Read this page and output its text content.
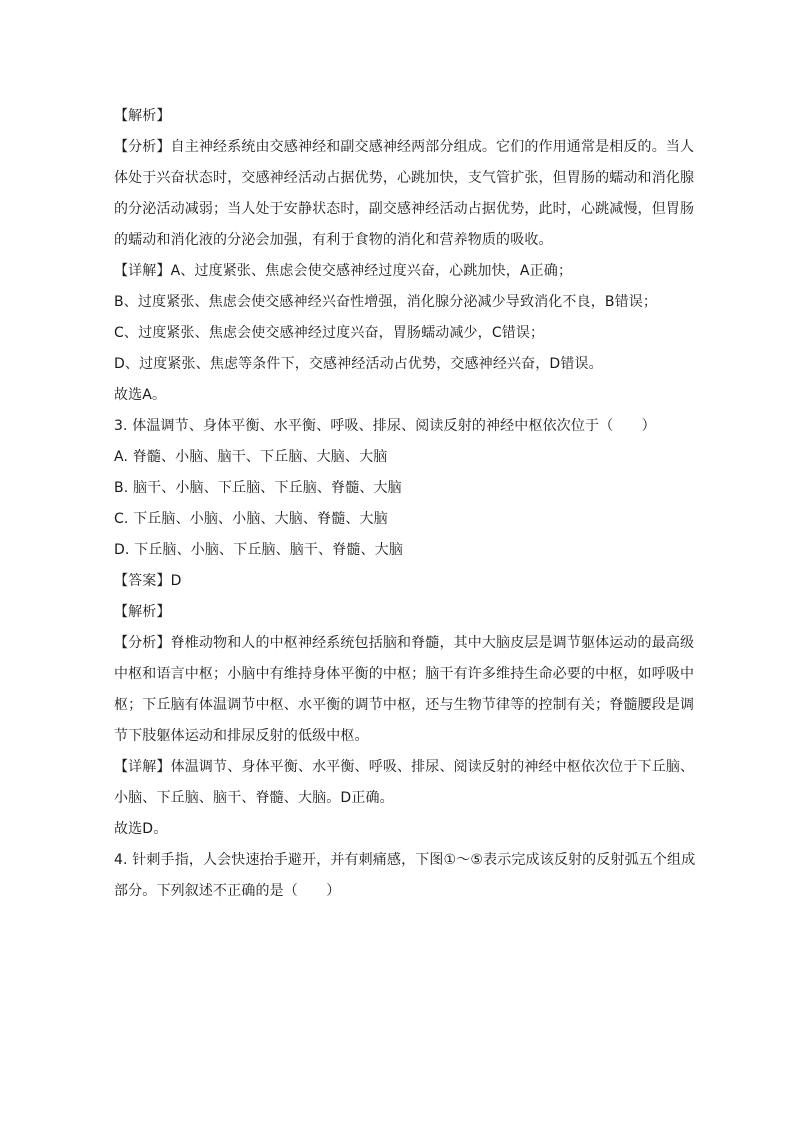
【解析】
【分析】自主神经系统由交感神经和副交感神经两部分组成。它们的作用通常是相反的。当人体处于兴奋状态时，交感神经活动占据优势，心跳加快，支气管扩张，但胃肠的蠕动和消化腺的分泌活动减弱；当人处于安静状态时，副交感神经活动占据优势，此时，心跳减慢，但胃肠的蠕动和消化液的分泌会加强，有利于食物的消化和营养物质的吸收。
【详解】A、过度紧张、焦虑会使交感神经过度兴奋，心跳加快，A正确；
B、过度紧张、焦虑会使交感神经兴奋性增强，消化腺分泌减少导致消化不良，B错误；
C、过度紧张、焦虑会使交感神经过度兴奋，胃肠蠕动减少，C错误；
D、过度紧张、焦虑等条件下，交感神经活动占优势，交感神经兴奋，D错误。
故选A。
3. 体温调节、身体平衡、水平衡、呼吸、排尿、阅读反射的神经中枢依次位于（　　）
A. 脊髓、小脑、脑干、下丘脑、大脑、大脑
B. 脑干、小脑、下丘脑、下丘脑、脊髓、大脑
C. 下丘脑、小脑、小脑、大脑、脊髓、大脑
D. 下丘脑、小脑、下丘脑、脑干、脊髓、大脑
【答案】D
【解析】
【分析】脊椎动物和人的中枢神经系统包括脑和脊髓，其中大脑皮层是调节躯体运动的最高级中枢和语言中枢；小脑中有维持身体平衡的中枢；脑干有许多维持生命必要的中枢，如呼吸中枢；下丘脑有体温调节中枢、水平衡的调节中枢，还与生物节律等的控制有关；脊髓腰段是调节下肢躯体运动和排尿反射的低级中枢。
【详解】体温调节、身体平衡、水平衡、呼吸、排尿、阅读反射的神经中枢依次位于下丘脑、小脑、下丘脑、脑干、脊髓、大脑。D正确。
故选D。
4. 针刺手指，人会快速抬手避开，并有刺痛感，下图①～⑤表示完成该反射的反射弧五个组成部分。下列叙述不正确的是（　　）
